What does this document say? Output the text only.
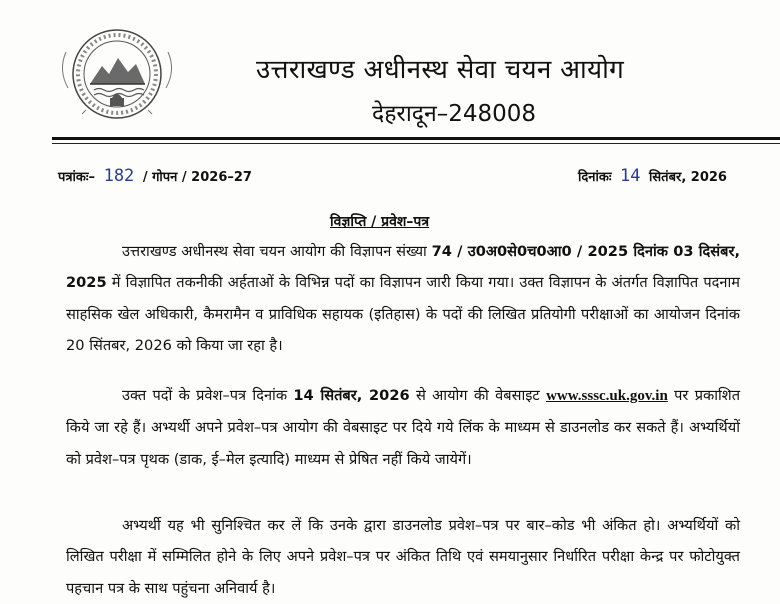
उत्तराखण्ड अधीनस्थ सेवा चयन आयोग
देहरादून–248008
पत्रांकः– 182 / गोपन / 2026–27	दिनांकः 14 सितंबर, 2026
विज्ञप्ति / प्रवेश–पत्र
उत्तराखण्ड अधीनस्थ सेवा चयन आयोग की विज्ञापन संख्या 74 / उ0अ0से0च0आ0 / 2025 दिनांक 03 दिसंबर, 2025 में विज्ञापित तकनीकी अर्हताओं के विभिन्न पदों का विज्ञापन जारी किया गया। उक्त विज्ञापन के अंतर्गत विज्ञापित पदनाम साहसिक खेल अधिकारी, कैमरामैन व प्राविधिक सहायक (इतिहास) के पदों की लिखित प्रतियोगी परीक्षाओं का आयोजन दिनांक 20 सिंतबर, 2026 को किया जा रहा है।
उक्त पदों के प्रवेश–पत्र दिनांक 14 सितंबर, 2026 से आयोग की वेबसाइट www.sssc.uk.gov.in पर प्रकाशित किये जा रहे हैं। अभ्यर्थी अपने प्रवेश–पत्र आयोग की वेबसाइट पर दिये गये लिंक के माध्यम से डाउनलोड कर सकते हैं। अभ्यर्थियों को प्रवेश–पत्र पृथक (डाक, ई–मेल इत्यादि) माध्यम से प्रेषित नहीं किये जायेगें।
अभ्यर्थी यह भी सुनिश्चित कर लें कि उनके द्वारा डाउनलोड प्रवेश–पत्र पर बार–कोड भी अंकित हो। अभ्यर्थियों को लिखित परीक्षा में सम्मिलित होने के लिए अपने प्रवेश–पत्र पर अंकित तिथि एवं समयानुसार निर्धारित परीक्षा केन्द्र पर फोटोयुक्त पहचान पत्र के साथ पहुंचना अनिवार्य है।
